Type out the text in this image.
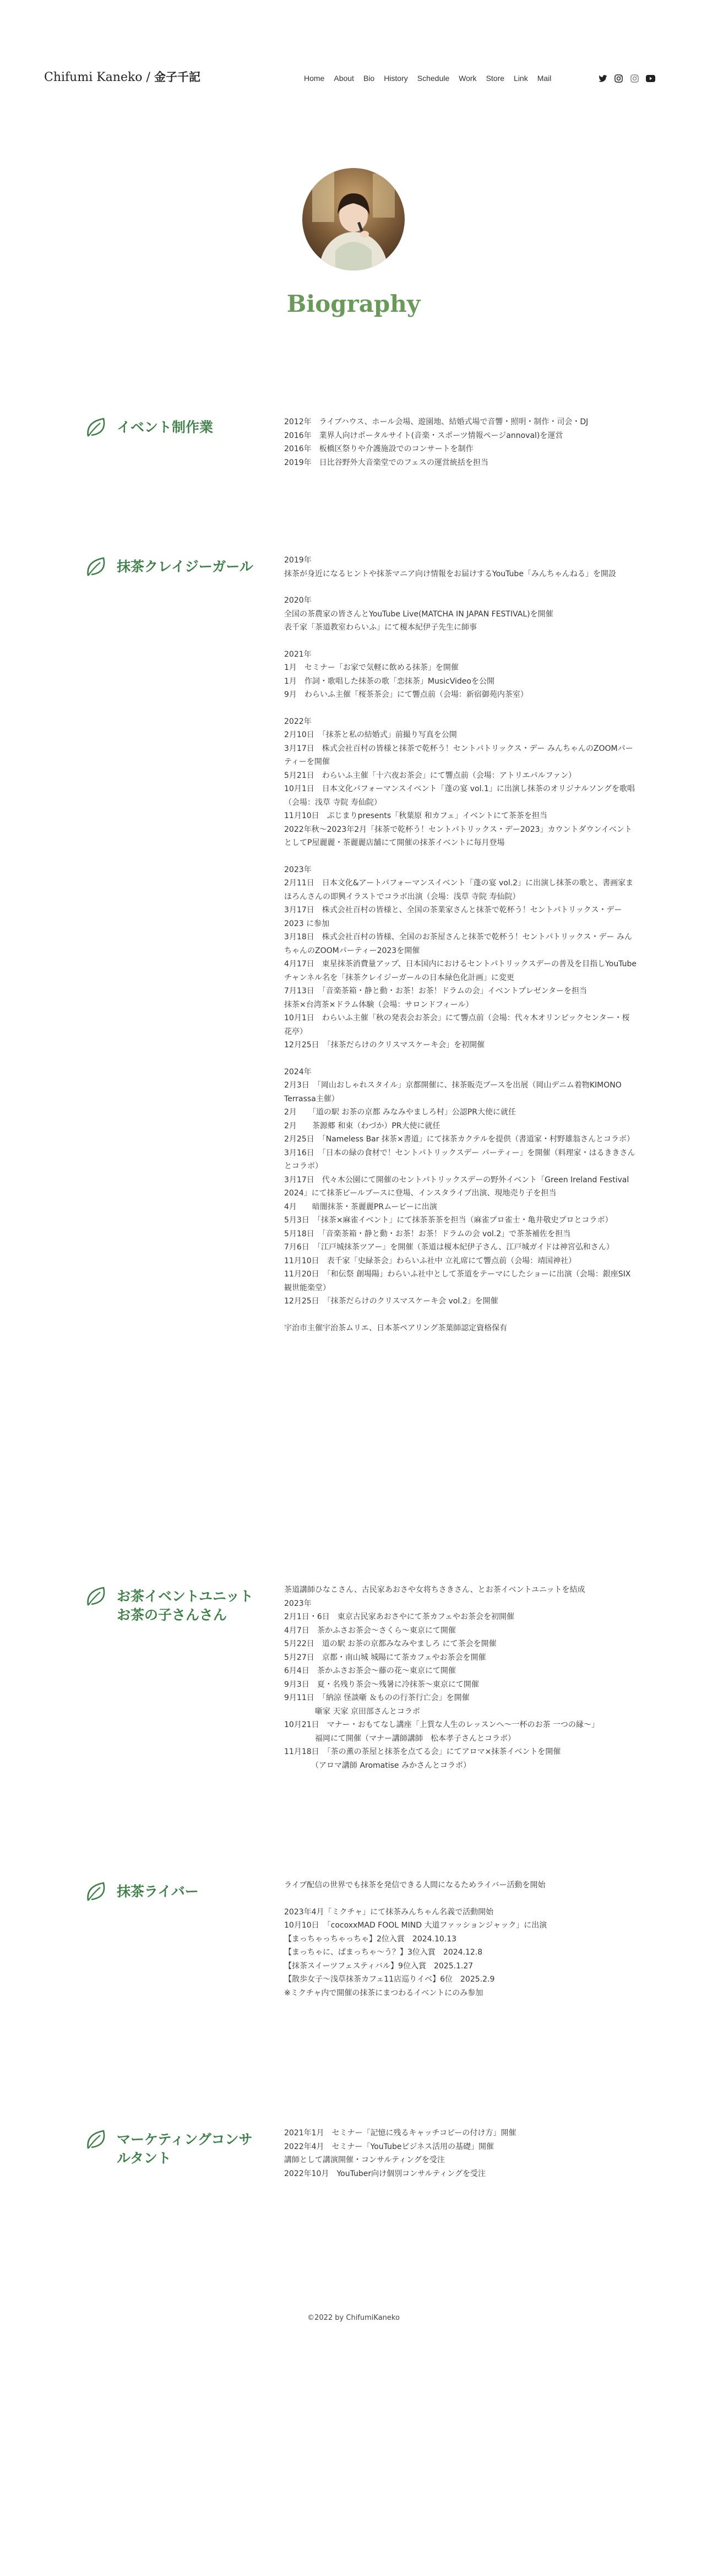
Chifumi Kaneko / 金子千記	Home About Bio History Schedule Work Store Link Mail
Biography
イベント制作業	2012年　ライブハウス、ホール会場、遊園地、結婚式場で音響・照明・制作・司会・DJ

2016年　業界人向けポータルサイト(音楽・スポーツ情報ページannoval)を運営

2016年　板橋区祭りや介護施設でのコンサートを制作

2019年　日比谷野外大音楽堂でのフェスの運営統括を担当

抹茶クレイジーガール	2019年

抹茶が身近になるヒントや抹茶マニア向け情報をお届けするYouTube「みんちゃんねる」を開設

2020年

全国の茶農家の皆さんとYouTube Live(MATCHA IN JAPAN FESTIVAL)を開催

表千家「茶道教室わらいふ」にて榎本紀伊子先生に師事

2021年

1月　セミナー「お家で気軽に飲める抹茶」を開催

1月　作詞・歌唱した抹茶の歌「恋抹茶」MusicVideoを公開

9月　わらいふ主催「桜茶茶会」にて響点前（会場：新宿御苑内茶室）

2022年

2月10日　「抹茶と私の結婚式」前撮り写真を公開

3月17日　株式会社百村の皆様と抹茶で乾杯う！セントパトリックス・デー みんちゃんのZOOMパーティーを開催

5月21日　わらいふ主催「十六夜お茶会」にて響点前（会場：アトリエパルファン）

10月1日　日本文化パフォーマンスイベント「蓬の宴 vol.1」に出演し抹茶のオリジナルソングを歌唱（会場：浅草 寺院 寿仙院）

11月10日　ぷじまりpresents「秋葉原 和カフェ」イベントにて茶茶を担当

2022年秋〜2023年2月「抹茶で乾杯う！セントパトリックス・デー2023」カウントダウンイベントとしてP屋麗麗・茶麗麗店舗にて開催の抹茶イベントに毎月登場

2023年

2月11日　日本文化&アートパフォーマンスイベント「蓬の宴 vol.2」に出演し抹茶の歌と、書画家まほろんさんの即興イラストでコラボ出演（会場：浅草 寺院 寿仙院）

3月17日　株式会社百村の皆様と、全国の茶業家さんと抹茶で乾杯う！セントパトリックス・デー2023 に参加

3月18日　株式会社百村の皆様、全国のお茶屋さんと抹茶で乾杯う！セントパトリックス・デー みんちゃんのZOOMパーティー2023を開催

4月17日　東星抹茶消費量アップ、日本国内におけるセントパトリックスデーの普及を目指しYouTubeチャンネル名を「抹茶クレイジーガールの日本緑色化計画」に変更

7月13日　「音楽茶箱・静と動・お茶！お茶！ドラムの会」イベントプレゼンターを担当

抹茶×台湾茶×ドラム体験（会場：サロンドフィール）

10月1日　わらいふ主催「秋の発表会お茶会」にて響点前（会場：代々木オリンピックセンター・桜花亭）

12月25日　「抹茶だらけのクリスマスケーキ会」を初開催

2024年

2月3日　「岡山おしゃれスタイル」京都開催に、抹茶販売ブースを出展（岡山デニム着物KIMONO Terrassa主催）

2月　　「道の駅 お茶の京都 みなみやましろ村」公認PR大使に就任

2月　　茶源郷 和束（わづか）PR大使に就任

2月25日　「Nameless Bar 抹茶×書道」にて抹茶カクテルを提供（書道家・村野雄翁さんとコラボ）

3月16日　「日本の緑の食材で！セントパトリックスデー パーティー」を開催（料理家・はるききさんとコラボ）

3月17日　代々木公園にて開催のセントパトリックスデーの野外イベント「Green Ireland Festival 2024」にて抹茶ビールブースに登場、インスタライブ出演、現地売り子を担当

4月　　暗闇抹茶・茶麗麗PRムービーに出演

5月3日　「抹茶×麻雀イベント」にて抹茶茶茶を担当（麻雀プロ雀士・亀井敬史プロとコラボ）

5月18日　「音楽茶箱・静と動・お茶！お茶！ドラムの会 vol.2」で茶茶補佐を担当

7月6日　「江戸城抹茶ツアー」を開催（茶道は榎本紀伊子さん、江戸城ガイドは神宮弘和さん）

11月10日　表千家「史緑茶会」わらいふ社中 立礼席にて響点前（会場：靖国神社）

11月20日　「和伝祭 創場陽」わらいふ社中として茶道をテーマにしたショーに出演（会場：銀座SIX 観世能楽堂）

12月25日　「抹茶だらけのクリスマスケーキ会 vol.2」を開催

宇治市主催宇治茶ムリエ、日本茶ペアリング茶葉師認定資格保有

お茶イベントユニット
お茶の子さんさん

茶道講師ひなこさん、古民家あおさや女将ちさきさん、とお茶イベントユニットを結成

2023年

2月1日・6日　東京古民家あおさやにて茶カフェやお茶会を初開催

4月7日　茶かふさお茶会〜さくら〜東京にて開催

5月22日　道の駅 お茶の京都みなみやましろ にて茶会を開催

5月27日　京都・南山城 城陽にて茶カフェやお茶会を開催

6月4日　茶かふさお茶会〜藤の花〜東京にて開催

9月3日　夏・名残り茶会〜残暑に冷抹茶〜東京にて開催

9月11日　「納涼 怪談噺 ＆ものの行茶行亡会」を開催

　　　　噺家 天家 京田部さんとコラボ

10月21日　マナー・おもてなし講座「上質な人生のレッスンへ〜一杯のお茶 一つの縁〜」

　　　　福岡にて開催（マナー講師講師　松本孝子さんとコラボ）

11月18日　「茶の薫の茶屋と抹茶を点てる会」にてアロマ×抹茶イベントを開催

　　　　（アロマ講師 Aromatise みかさんとコラボ）

抹茶ライバー	ライブ配信の世界でも抹茶を発信できる人間になるためライバー活動を開始

2023年4月「ミクチャ」にて抹茶みんちゃん名義で活動開始

10月10日　「cocoxxMAD FOOL MIND 大道ファッションジャック」に出演

【まっちゃっちゃっちゃ】2位入賞　2024.10.13

【まっちゃに、ぱまっちゃ〜う？】3位入賞　2024.12.8

【抹茶スイーツフェスティバル】9位入賞　2025.1.27

【散歩女子〜浅草抹茶カフェ11店巡りイベ】6位　2025.2.9

※ミクチャ内で開催の抹茶にまつわるイベントにのみ参加

マーケティングコンサ
ルタント

2021年1月　セミナー「記憶に残るキャッチコピーの付け方」開催

2022年4月　セミナー「YouTubeビジネス活用の基礎」開催

講師として講演開催・コンサルティングを受注

2022年10月　YouTuber向け個別コンサルティングを受注

©2022 by ChifumiKaneko
